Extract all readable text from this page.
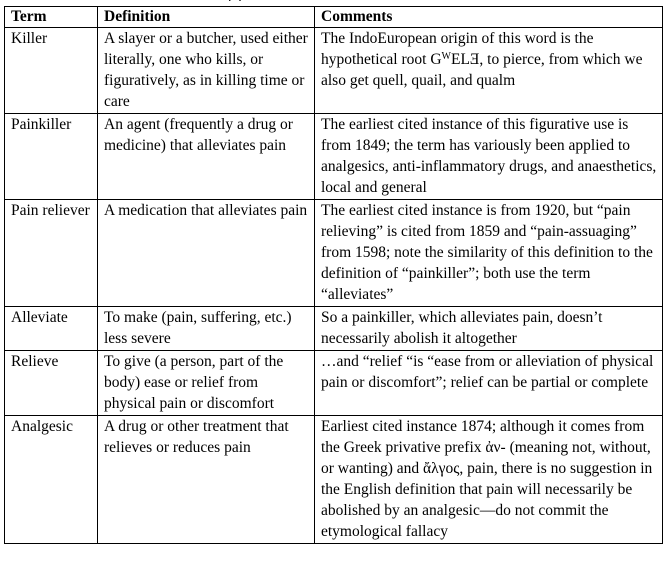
Term	Definition	Comments
Killer	A slayer or a butcher, used either literally, one who kills, or figuratively, as in killing time or care	The IndoEuropean origin of this word is the hypothetical root $G^WELƎ$, to pierce, from which we also get quell, quail, and qualm
Painkiller	An agent (frequently a drug or medicine) that alleviates pain	The earliest cited instance of this figurative use is from 1849; the term has variously been applied to analgesics, anti-inflammatory drugs, and anaesthetics, local and general
Pain reliever	A medication that alleviates pain	The earliest cited instance is from 1920, but “pain relieving” is cited from 1859 and “pain-assuaging” from 1598; note the similarity of this definition to the definition of “painkiller”; both use the term “alleviates”
Alleviate	To make (pain, suffering, etc.) less severe	So a painkiller, which alleviates pain, doesn’t necessarily abolish it altogether
Relieve	To give (a person, part of the body) ease or relief from physical pain or discomfort	…and “relief “is “ease from or alleviation of physical pain or discomfort”; relief can be partial or complete
Analgesic	A drug or other treatment that relieves or reduces pain	Earliest cited instance 1874; although it comes from the Greek privative prefix ἀν- (meaning not, without, or wanting) and ἄλγος, pain, there is no suggestion in the English definition that pain will necessarily be abolished by an analgesic—do not commit the etymological fallacy
